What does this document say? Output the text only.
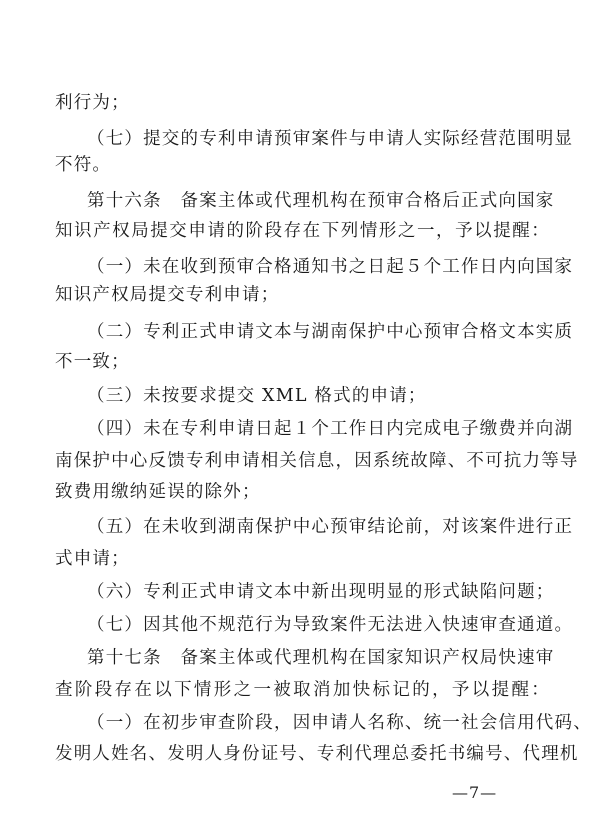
利行为；
（七）提交的专利申请预审案件与申请人实际经营范围明显
不符。
第十六条　备案主体或代理机构在预审合格后正式向国家
知识产权局提交申请的阶段存在下列情形之一，予以提醒：
（一）未在收到预审合格通知书之日起５个工作日内向国家
知识产权局提交专利申请；
（二）专利正式申请文本与湖南保护中心预审合格文本实质
不一致；
（三）未按要求提交 XML 格式的申请；
（四）未在专利申请日起１个工作日内完成电子缴费并向湖
南保护中心反馈专利申请相关信息，因系统故障、不可抗力等导
致费用缴纳延误的除外；
（五）在未收到湖南保护中心预审结论前，对该案件进行正
式申请；
（六）专利正式申请文本中新出现明显的形式缺陷问题；
（七）因其他不规范行为导致案件无法进入快速审查通道。
第十七条　备案主体或代理机构在国家知识产权局快速审
查阶段存在以下情形之一被取消加快标记的，予以提醒：
（一）在初步审查阶段，因申请人名称、统一社会信用代码、
发明人姓名、发明人身份证号、专利代理总委托书编号、代理机
—7—
